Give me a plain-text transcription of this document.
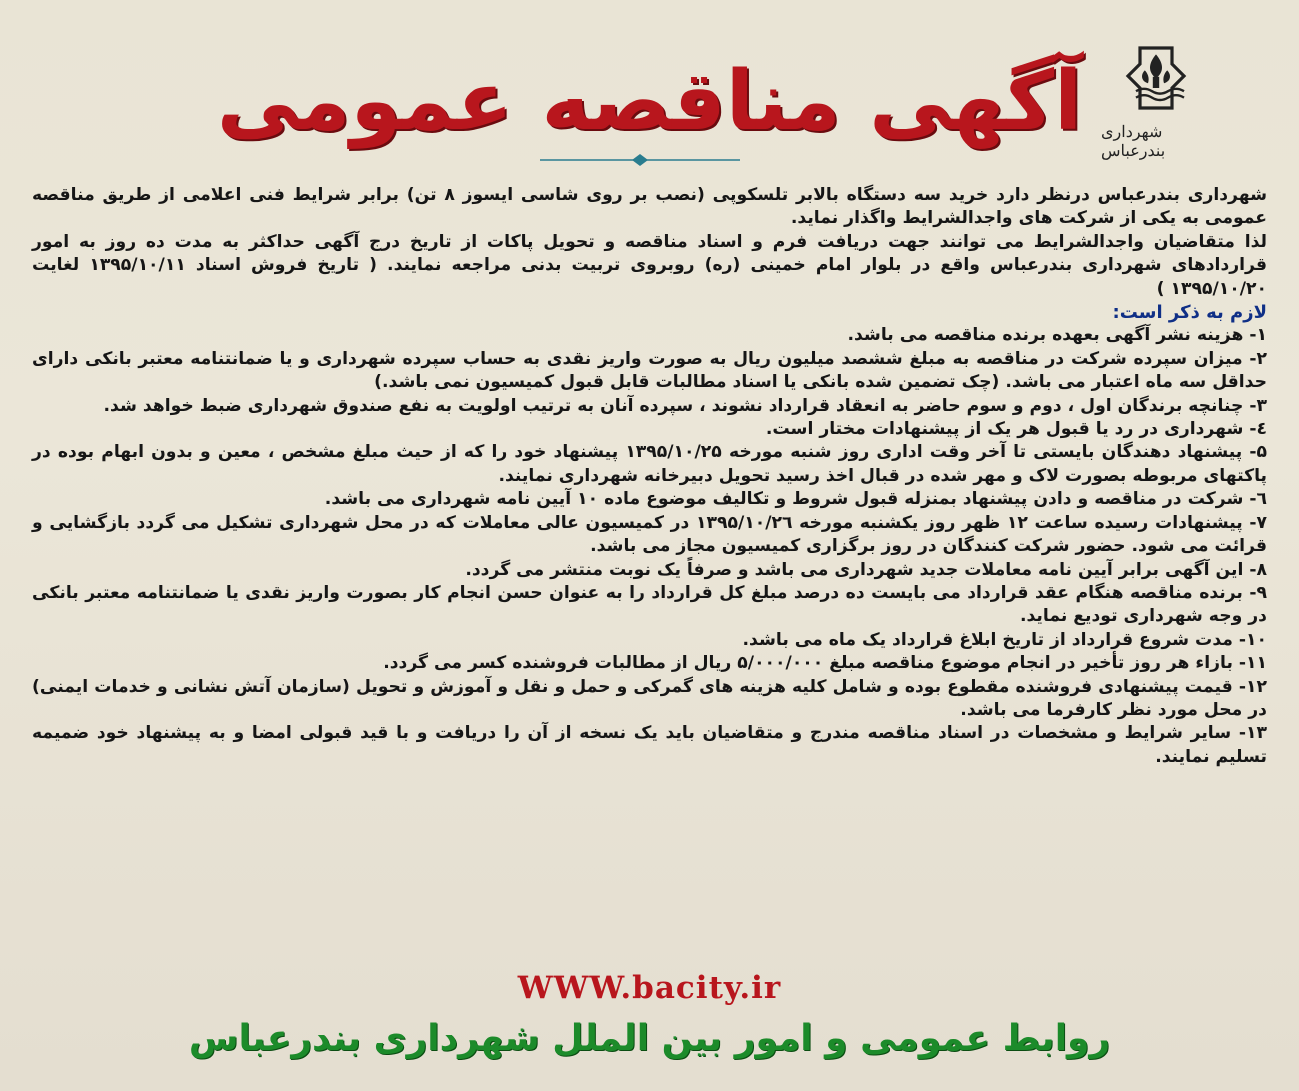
شهرداری بندرعباس
آگهی مناقصه عمومی

شهرداری بندرعباس درنظر دارد خرید سه دستگاه بالابر تلسکوپی (نصب بر روی شاسی ایسوز ۸ تن) برابر شرایط فنی اعلامی از طریق مناقصه عمومی به یکی از شرکت های واجدالشرایط واگذار نماید.

لذا متقاضیان واجدالشرایط می توانند جهت دریافت فرم و اسناد مناقصه و تحویل پاکات از تاریخ درج آگهی حداکثر به مدت ده روز به امور قراردادهای شهرداری بندرعباس واقع در بلوار امام خمینی (ره) روبروی تربیت بدنی مراجعه نمایند. ( تاریخ فروش اسناد ۱۳۹۵/۱۰/۱۱ لغایت ۱۳۹۵/۱۰/۲۰ )

لازم به ذکر است:

۱- هزینه نشر آگهی بعهده برنده مناقصه می باشد.

۲- میزان سپرده شرکت در مناقصه به مبلغ ششصد میلیون ریال به صورت واریز نقدی به حساب سپرده شهرداری و یا ضمانتنامه معتبر بانکی دارای حداقل سه ماه اعتبار می باشد. (چک تضمین شده بانکی یا اسناد مطالبات قابل قبول کمیسیون نمی باشد.)

۳- چنانچه برندگان اول ، دوم و سوم حاضر به انعقاد قرارداد نشوند ، سپرده آنان به ترتیب اولویت به نفع صندوق شهرداری ضبط خواهد شد.

٤- شهرداری در رد یا قبول هر یک از پیشنهادات مختار است.

۵- پیشنهاد دهندگان بایستی تا آخر وقت اداری روز شنبه مورخه ۱۳۹۵/۱۰/۲۵ پیشنهاد خود را که از حیث مبلغ مشخص ، معین و بدون ابهام بوده در پاکتهای مربوطه بصورت لاک و مهر شده در قبال اخذ رسید تحویل دبیرخانه شهرداری نمایند.

٦- شرکت در مناقصه و دادن پیشنهاد بمنزله قبول شروط و تکالیف موضوع ماده ۱۰ آیین نامه شهرداری می باشد.

۷- پیشنهادات رسیده ساعت ۱۲ ظهر روز یکشنبه مورخه ۱۳۹۵/۱۰/۲٦ در کمیسیون عالی معاملات که در محل شهرداری تشکیل می گردد بازگشایی و قرائت می شود. حضور شرکت کنندگان در روز برگزاری کمیسیون مجاز می باشد.

۸- این آگهی برابر آیین نامه معاملات جدید شهرداری می باشد و صرفاً یک نوبت منتشر می گردد.

۹- برنده مناقصه هنگام عقد قرارداد می بایست ده درصد مبلغ کل قرارداد را به عنوان حسن انجام کار بصورت واریز نقدی یا ضمانتنامه معتبر بانکی در وجه شهرداری تودیع نماید.

۱۰- مدت شروع قرارداد از تاریخ ابلاغ قرارداد یک ماه می باشد.

۱۱- بازاء هر روز تأخیر در انجام موضوع مناقصه مبلغ ۵/۰۰۰/۰۰۰ ریال از مطالبات فروشنده کسر می گردد.

۱۲- قیمت پیشنهادی فروشنده مقطوع بوده و شامل کلیه هزینه های گمرکی و حمل و نقل و آموزش و تحویل (سازمان آتش نشانی و خدمات ایمنی) در محل مورد نظر کارفرما می باشد.

۱۳- سایر شرایط و مشخصات در اسناد مناقصه مندرج و متقاضیان باید یک نسخه از آن را دریافت و با قید قبولی امضا و به پیشنهاد خود ضمیمه تسلیم نمایند.

WWW.bacity.ir
روابط عمومی و امور بین الملل شهرداری بندرعباس
